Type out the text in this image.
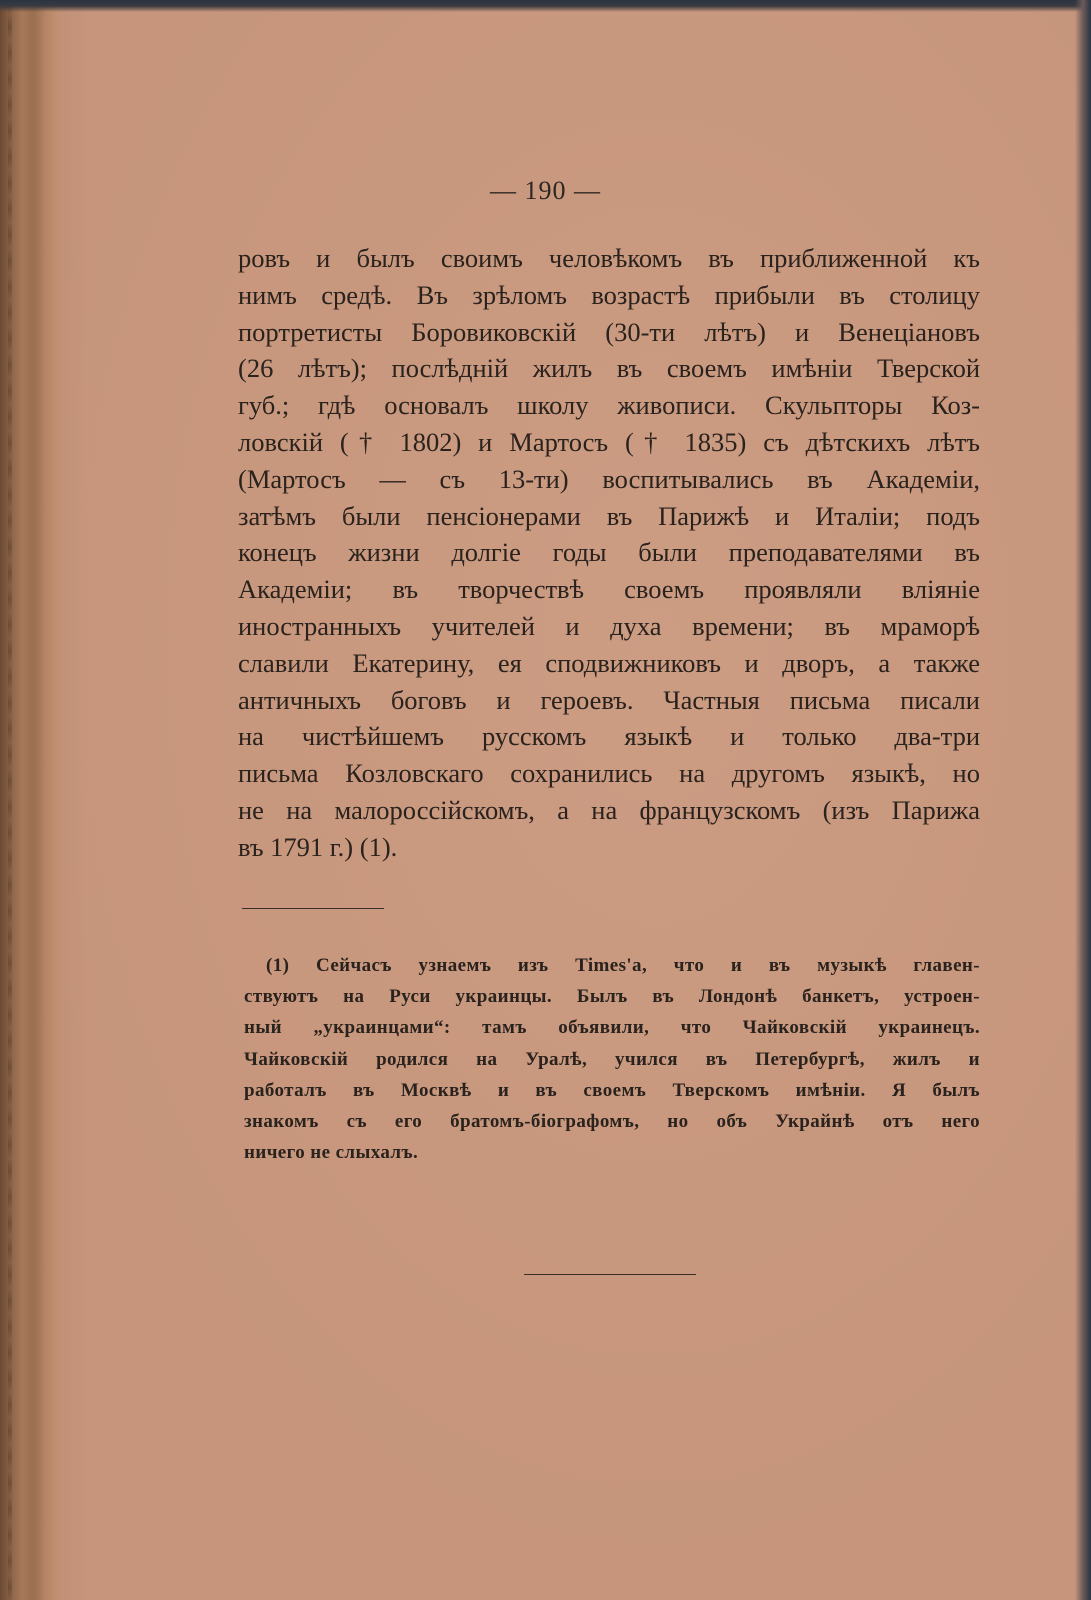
— 190 —
ровъ и былъ своимъ человѣкомъ въ приближенной къ
нимъ средѣ. Въ зрѣломъ возрастѣ прибыли въ столицу
портретисты Боровиковскій (30-ти лѣтъ) и Венеціановъ
(26 лѣтъ); послѣдній жилъ въ своемъ имѣніи Тверской
губ.; гдѣ основалъ школу живописи. Скульпторы Коз-
ловскій († 1802) и Мартосъ († 1835) съ дѣтскихъ лѣтъ
(Мартосъ — съ 13-ти) воспитывались въ Академіи,
затѣмъ были пенсіонерами въ Парижѣ и Италіи; подъ
конецъ жизни долгіе годы были преподавателями въ
Академіи; въ творчествѣ своемъ проявляли вліяніе
иностранныхъ учителей и духа времени; въ мраморѣ
славили Екатерину, ея сподвижниковъ и дворъ, а также
античныхъ боговъ и героевъ. Частныя письма писали
на чистѣйшемъ русскомъ языкѣ и только два-три
письма Козловскаго сохранились на другомъ языкѣ, но
не на малороссійскомъ, а на французскомъ (изъ Парижа
въ 1791 г.) (1).
(1) Сейчасъ узнаемъ изъ Times'а, что и въ музыкѣ главен-
ствуютъ на Руси украинцы. Былъ въ Лондонѣ банкетъ, устроен-
ный „украинцами“: тамъ объявили, что Чайковскій украинецъ.
Чайковскій родился на Уралѣ, учился въ Петербургѣ, жилъ и
работалъ въ Москвѣ и въ своемъ Тверскомъ имѣніи. Я былъ
знакомъ съ его братомъ-біографомъ, но объ Украйнѣ отъ него
ничего не слыхалъ.
